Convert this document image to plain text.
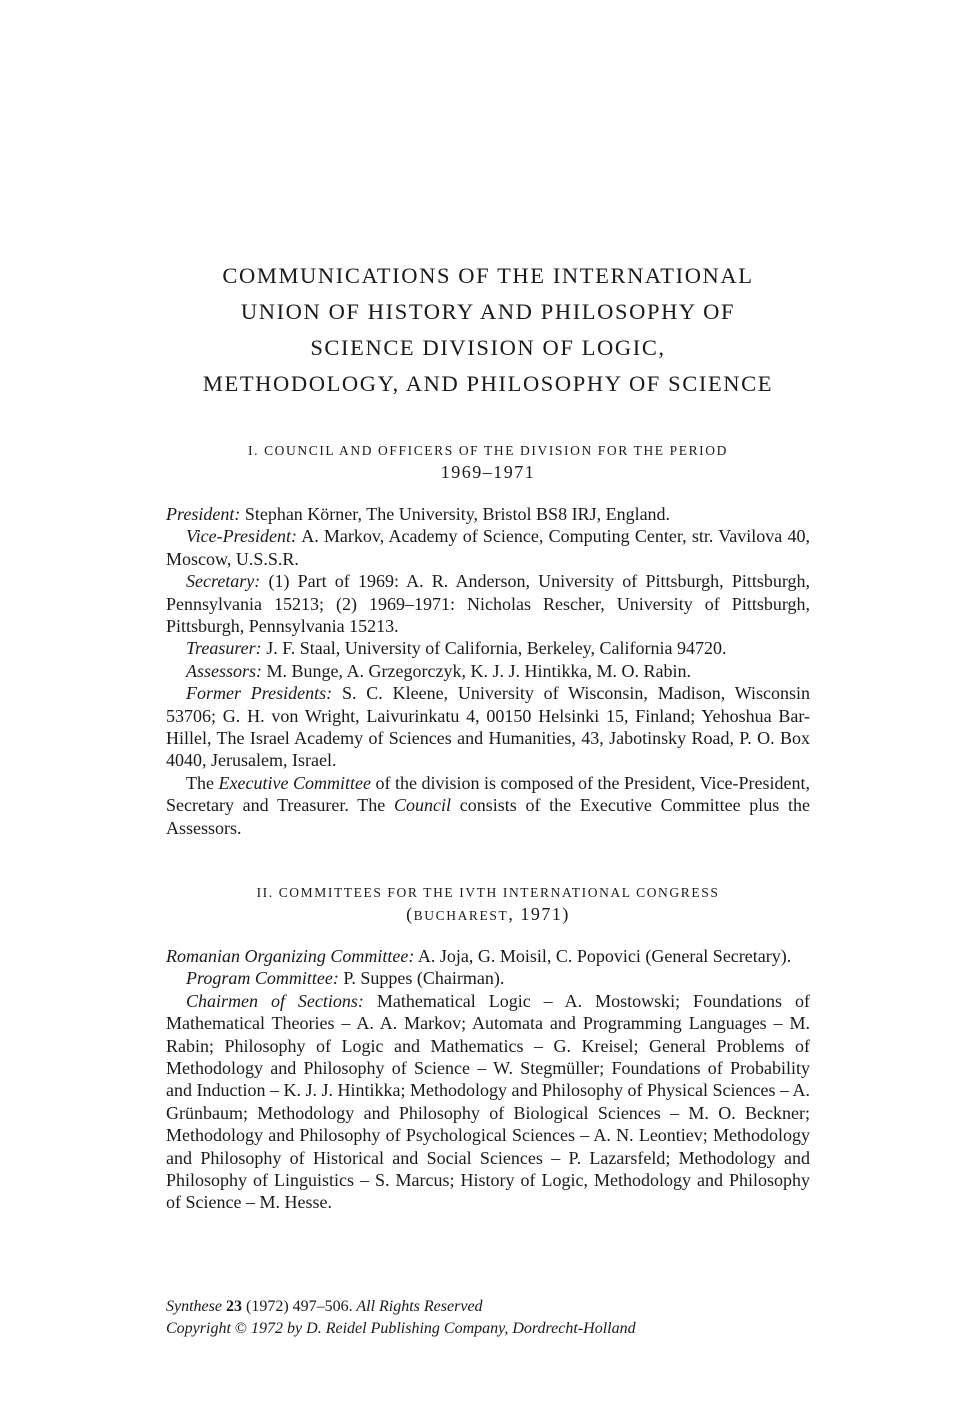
COMMUNICATIONS OF THE INTERNATIONAL
UNION OF HISTORY AND PHILOSOPHY OF
SCIENCE DIVISION OF LOGIC,
METHODOLOGY, AND PHILOSOPHY OF SCIENCE
I. COUNCIL AND OFFICERS OF THE DIVISION FOR THE PERIOD
1969–1971

President: Stephan Körner, The University, Bristol BS8 IRJ, England.

Vice-President: A. Markov, Academy of Science, Computing Center, str. Vavilova 40, Moscow, U.S.S.R.

Secretary: (1) Part of 1969: A. R. Anderson, University of Pittsburgh, Pittsburgh, Pennsylvania 15213; (2) 1969–1971: Nicholas Rescher, University of Pittsburgh, Pittsburgh, Pennsylvania 15213.

Treasurer: J. F. Staal, University of California, Berkeley, California 94720.

Assessors: M. Bunge, A. Grzegorczyk, K. J. J. Hintikka, M. O. Rabin.

Former Presidents: S. C. Kleene, University of Wisconsin, Madison, Wisconsin 53706; G. H. von Wright, Laivurinkatu 4, 00150 Helsinki 15, Finland; Yehoshua Bar-Hillel, The Israel Academy of Sciences and Humanities, 43, Jabotinsky Road, P. O. Box 4040, Jerusalem, Israel.

The Executive Committee of the division is composed of the President, Vice-President, Secretary and Treasurer. The Council consists of the Executive Committee plus the Assessors.

II. COMMITTEES FOR THE IVTH INTERNATIONAL CONGRESS
(BUCHAREST, 1971)

Romanian Organizing Committee: A. Joja, G. Moisil, C. Popovici (General Secretary).

Program Committee: P. Suppes (Chairman).

Chairmen of Sections: Mathematical Logic – A. Mostowski; Foundations of Mathematical Theories – A. A. Markov; Automata and Programming Languages – M. Rabin; Philosophy of Logic and Mathematics – G. Kreisel; General Problems of Methodology and Philosophy of Science – W. Stegmüller; Foundations of Probability and Induction – K. J. J. Hintikka; Methodology and Philosophy of Physical Sciences – A. Grünbaum; Methodology and Philosophy of Biological Sciences – M. O. Beckner; Methodology and Philosophy of Psychological Sciences – A. N. Leontiev; Methodology and Philosophy of Historical and Social Sciences – P. Lazarsfeld; Methodology and Philosophy of Linguistics – S. Marcus; History of Logic, Methodology and Philosophy of Science – M. Hesse.

Synthese 23 (1972) 497–506. All Rights Reserved
Copyright © 1972 by D. Reidel Publishing Company, Dordrecht-Holland
